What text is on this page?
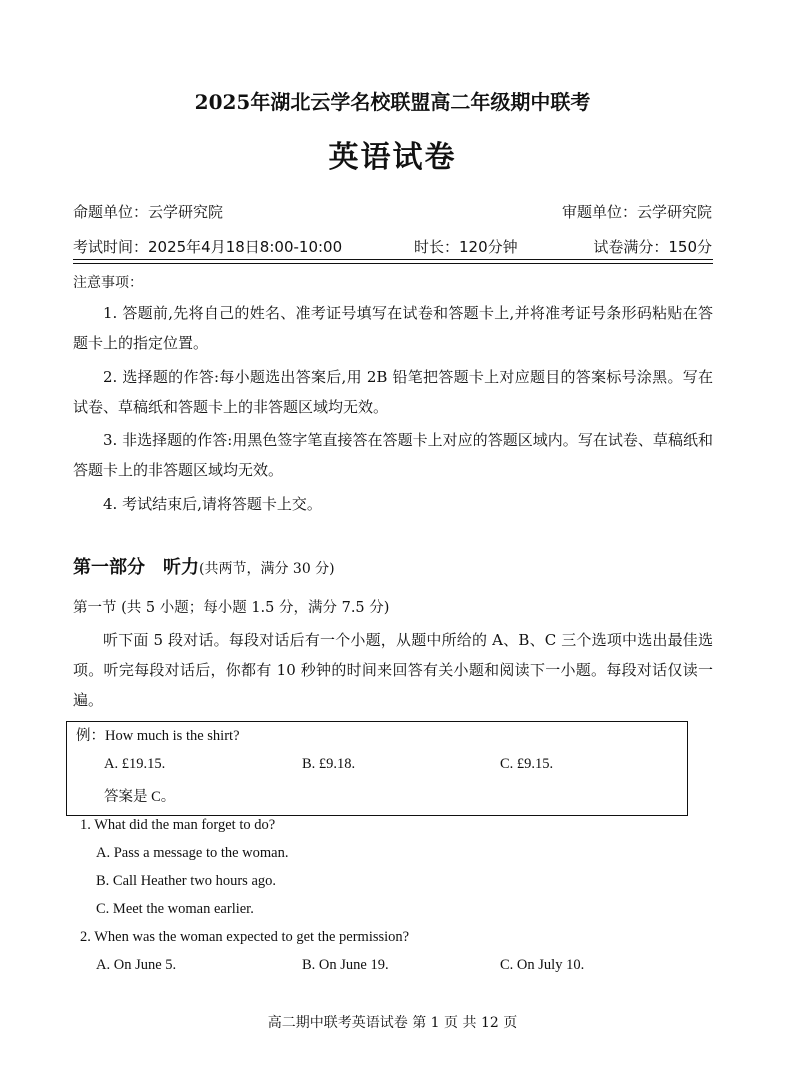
2025年湖北云学名校联盟高二年级期中联考
英语试卷
命题单位：云学研究院	审题单位：云学研究院
考试时间：2025年4月18日8:00-10:00	时长：120分钟	试卷满分：150分
注意事项：
1. 答题前,先将自己的姓名、准考证号填写在试卷和答题卡上,并将准考证号条形码粘贴在答题卡上的指定位置。
2. 选择题的作答:每小题选出答案后,用 2B 铅笔把答题卡上对应题目的答案标号涂黑。写在试卷、草稿纸和答题卡上的非答题区域均无效。
3. 非选择题的作答:用黑色签字笔直接答在答题卡上对应的答题区域内。写在试卷、草稿纸和答题卡上的非答题区域均无效。
4. 考试结束后,请将答题卡上交。
第一部分　听力(共两节，满分 30 分)
第一节 (共 5 小题；每小题 1.5 分，满分 7.5 分)
听下面 5 段对话。每段对话后有一个小题，从题中所给的 A、B、C 三个选项中选出最佳选项。听完每段对话后，你都有 10 秒钟的时间来回答有关小题和阅读下一小题。每段对话仅读一遍。
例：How much is the shirt?
A. £19.15.	B. £9.18.	C. £9.15.
答案是 C。
1. What did the man forget to do?
A. Pass a message to the woman.
B. Call Heather two hours ago.
C. Meet the woman earlier.
2. When was the woman expected to get the permission?
A. On June 5.	B. On June 19.	C. On July 10.
高二期中联考英语试卷 第 1 页 共 12 页
